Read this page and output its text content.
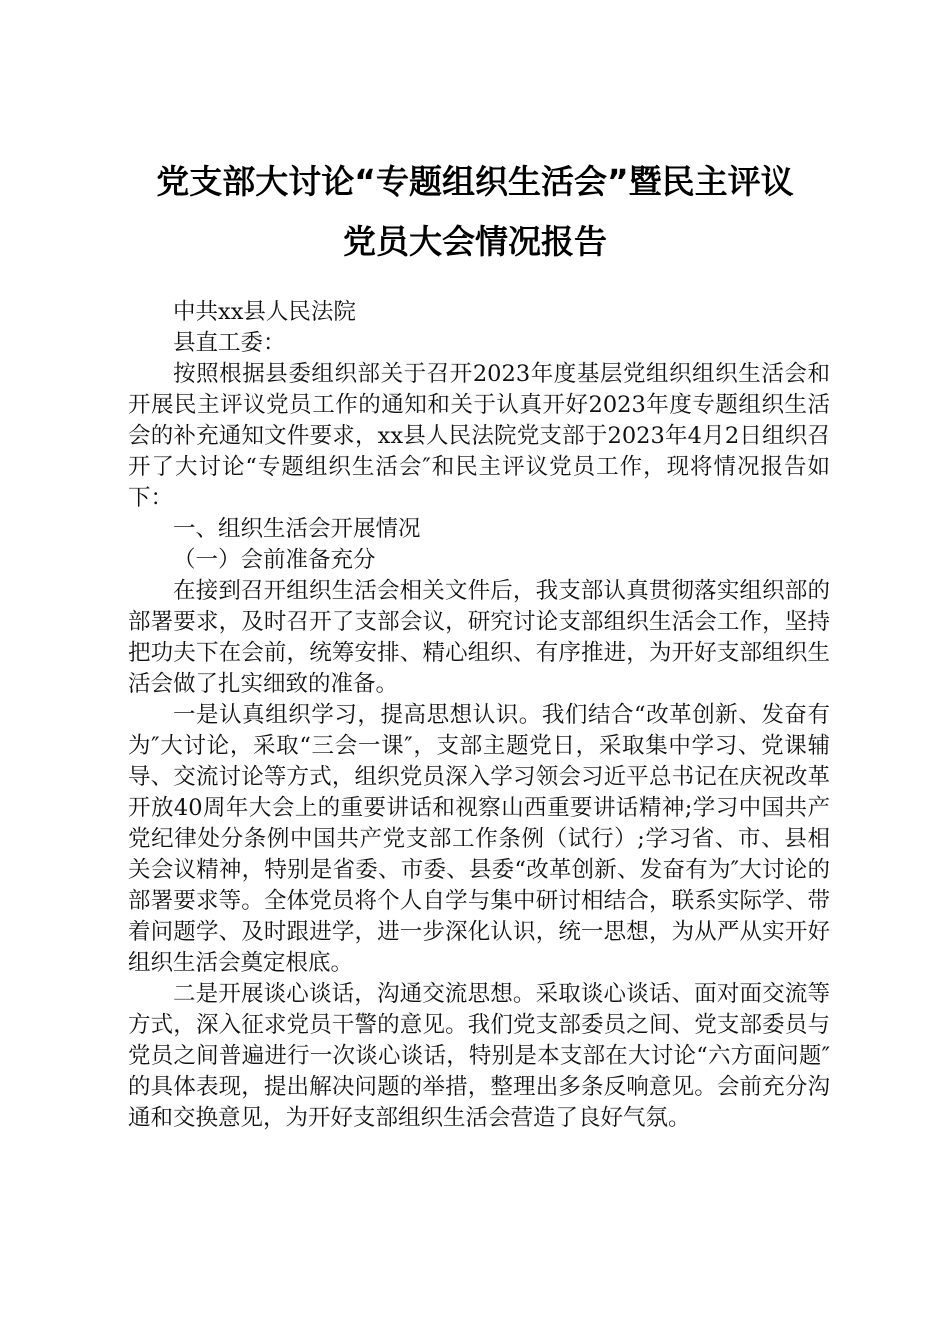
党支部大讨论“专题组织生活会”暨民主评议
党员大会情况报告

中共xx县人民法院

县直工委：

按照根据县委组织部关于召开2023年度基层党组织组织生活会和开展民主评议党员工作的通知和关于认真开好2023年度专题组织生活会的补充通知文件要求，xx县人民法院党支部于2023年4月2日组织召开了大讨论“专题组织生活会″和民主评议党员工作，现将情况报告如下：

一、组织生活会开展情况

（一）会前准备充分

在接到召开组织生活会相关文件后，我支部认真贯彻落实组织部的部署要求，及时召开了支部会议，研究讨论支部组织生活会工作，坚持把功夫下在会前，统筹安排、精心组织、有序推进，为开好支部组织生活会做了扎实细致的准备。

一是认真组织学习，提高思想认识。我们结合“改革创新、发奋有为″大讨论，采取“三会一课″，支部主题党日，采取集中学习、党课辅导、交流讨论等方式，组织党员深入学习领会习近平总书记在庆祝改革开放40周年大会上的重要讲话和视察山西重要讲话精神;学习中国共产党纪律处分条例中国共产党支部工作条例（试行）;学习省、市、县相关会议精神，特别是省委、市委、县委“改革创新、发奋有为″大讨论的部署要求等。全体党员将个人自学与集中研讨相结合，联系实际学、带着问题学、及时跟进学，进一步深化认识，统一思想，为从严从实开好组织生活会奠定根底。

二是开展谈心谈话，沟通交流思想。采取谈心谈话、面对面交流等方式，深入征求党员干警的意见。我们党支部委员之间、党支部委员与党员之间普遍进行一次谈心谈话，特别是本支部在大讨论“六方面问题″的具体表现，提出解决问题的举措，整理出多条反响意见。会前充分沟通和交换意见，为开好支部组织生活会营造了良好气氛。
